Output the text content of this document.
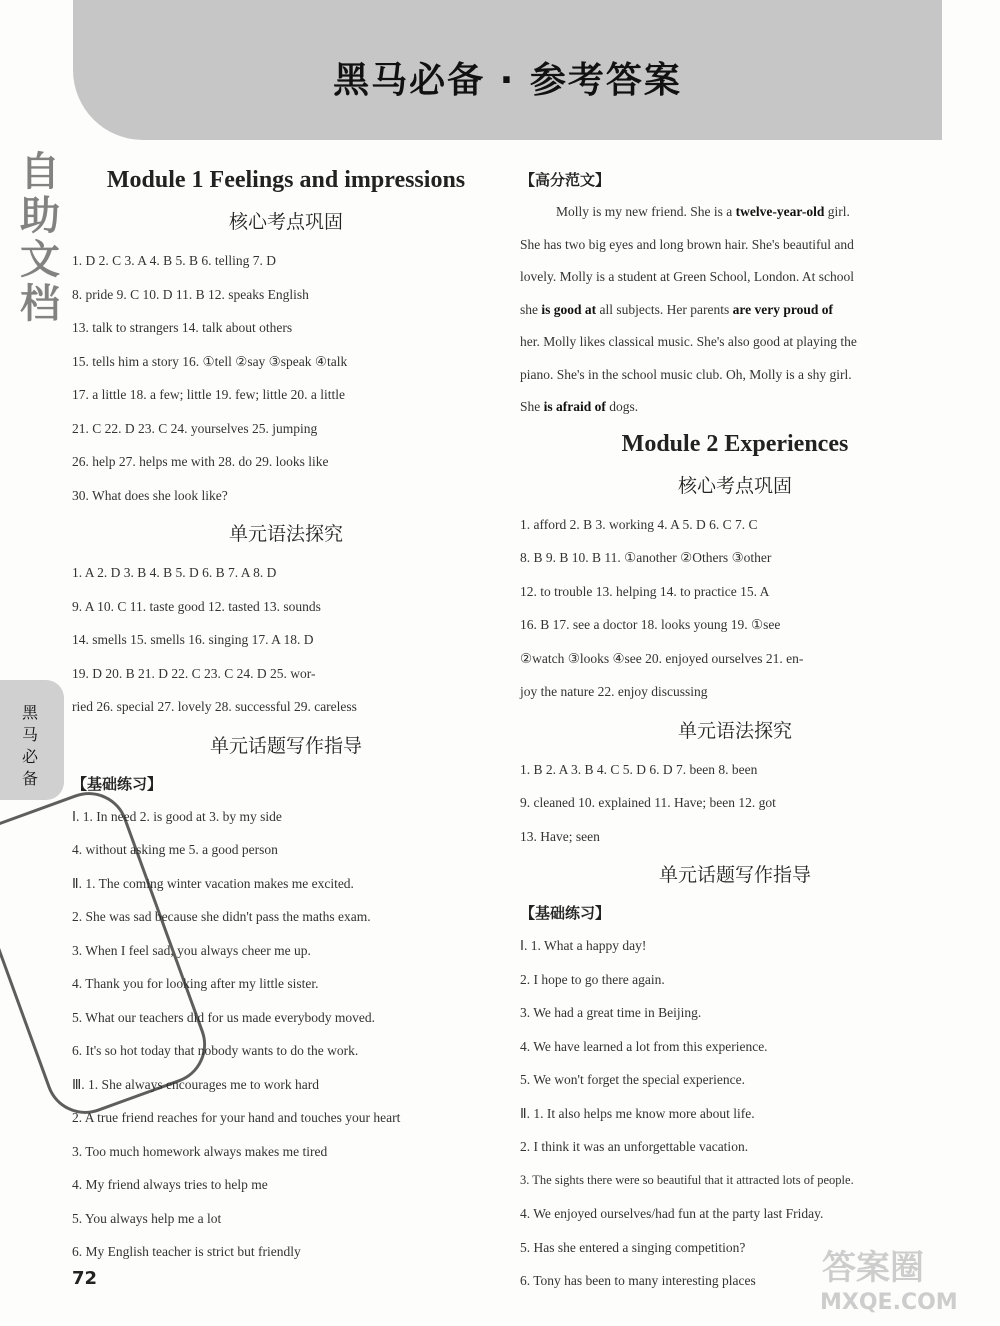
黑马必备 · 参考答案
黑马必备

Module 1 Feelings and impressions

核心考点巩固

1. D 2. C 3. A 4. B 5. B 6. telling 7. D

8. pride 9. C 10. D 11. B 12. speaks English

13. talk to strangers 14. talk about others

15. tells him a story 16. ①tell ②say ③speak ④talk

17. a little 18. a few; little 19. few; little 20. a little

21. C 22. D 23. C 24. yourselves 25. jumping

26. help 27. helps me with 28. do 29. looks like

30. What does she look like?

单元语法探究

1. A 2. D 3. B 4. B 5. D 6. B 7. A 8. D

9. A 10. C 11. taste good 12. tasted 13. sounds

14. smells 15. smells 16. singing 17. A 18. D

19. D 20. B 21. D 22. C 23. C 24. D 25. wor-

ried 26. special 27. lovely 28. successful 29. careless

单元话题写作指导

【基础练习】

Ⅰ. 1. In need 2. is good at 3. by my side

4. without asking me 5. a good person

Ⅱ. 1. The coming winter vacation makes me excited.

2. She was sad because she didn't pass the maths exam.

3. When I feel sad, you always cheer me up.

4. Thank you for looking after my little sister.

5. What our teachers did for us made everybody moved.

6. It's so hot today that nobody wants to do the work.

Ⅲ. 1. She always encourages me to work hard

2. A true friend reaches for your hand and touches your heart

3. Too much homework always makes me tired

4. My friend always tries to help me

5. You always help me a lot

6. My English teacher is strict but friendly

【高分范文】

Molly is my new friend. She is a twelve-year-old girl.

She has two big eyes and long brown hair. She's beautiful and

lovely. Molly is a student at Green School, London. At school

she is good at all subjects. Her parents are very proud of

her. Molly likes classical music. She's also good at playing the

piano. She's in the school music club. Oh, Molly is a shy girl.

She is afraid of dogs.

Module 2 Experiences

核心考点巩固

1. afford 2. B 3. working 4. A 5. D 6. C 7. C

8. B 9. B 10. B 11. ①another ②Others ③other

12. to trouble 13. helping 14. to practice 15. A

16. B 17. see a doctor 18. looks young 19. ①see

②watch ③looks ④see 20. enjoyed ourselves 21. en-

joy the nature 22. enjoy discussing

单元语法探究

1. B 2. A 3. B 4. C 5. D 6. D 7. been 8. been

9. cleaned 10. explained 11. Have; been 12. got

13. Have; seen

单元话题写作指导

【基础练习】

Ⅰ. 1. What a happy day!

2. I hope to go there again.

3. We had a great time in Beijing.

4. We have learned a lot from this experience.

5. We won't forget the special experience.

Ⅱ. 1. It also helps me know more about life.

2. I think it was an unforgettable vacation.

3. The sights there were so beautiful that it attracted lots of people.

4. We enjoyed ourselves/had fun at the party last Friday.

5. Has she entered a singing competition?

6. Tony has been to many interesting places

72
自助文档
答案圈
MXQE.COM
